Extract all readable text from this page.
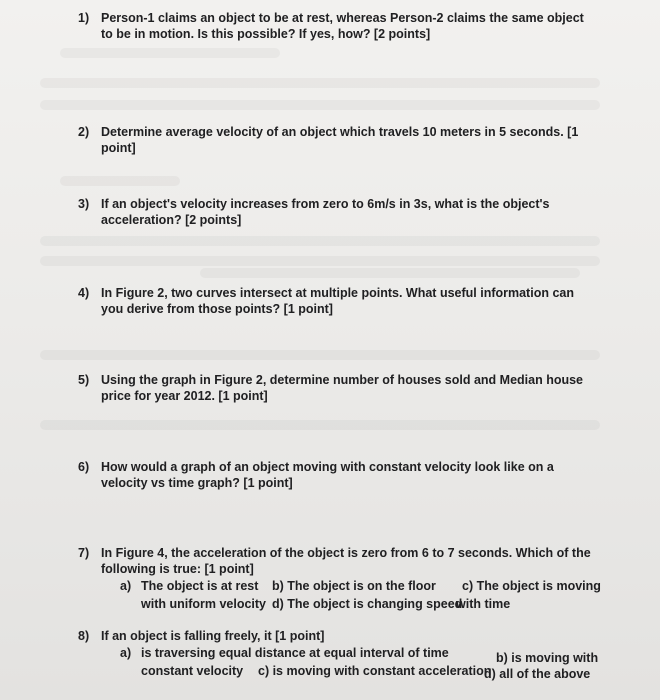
1) Person-1 claims an object to be at rest, whereas Person-2 claims the same object to be in motion. Is this possible? If yes, how? [2 points]
2) Determine average velocity of an object which travels 10 meters in 5 seconds. [1 point]
3) If an object's velocity increases from zero to 6m/s in 3s, what is the object's acceleration? [2 points]
4) In Figure 2, two curves intersect at multiple points. What useful information can you derive from those points? [1 point]
5) Using the graph in Figure 2, determine number of houses sold and Median house price for year 2012. [1 point]
6) How would a graph of an object moving with constant velocity look like on a velocity vs time graph? [1 point]
7) In Figure 4, the acceleration of the object is zero from 6 to 7 seconds. Which of the following is true: [1 point]
a) The object is at rest
with uniform velocity
b) The object is on the floor c) The object is moving
d) The object is changing speed
with time
8) If an object is falling freely, it [1 point]
a) is traversing equal distance at equal interval of time
constant velocity
b) is moving with
c) is moving with constant acceleration
d) all of the above
